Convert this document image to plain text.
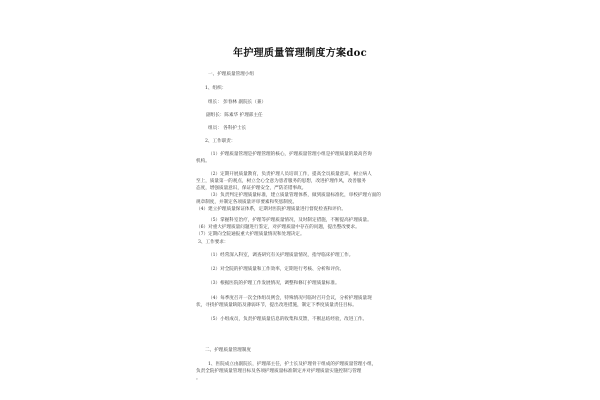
年护理质量管理制度方案doc
一、护理质量管理小组
1、组织：
组长： 彭春林 副院长（兼）
副组长：陈素华 护理部主任
组员： 各科护士长
2、工作职责：
（1）护理质量管理是护理管理的核心，护理质量管理小组是护理质量的最高咨询
机构。
（2）定期开展质量教育，负责护理人员培训工作，提高全员质量意识，树立病人
至上，质量第一的观点，树立全心全意为患者服务的思想，改进护理作风，改善服务
态度，增强质量意识，保证护理安全，严防差错事故。
（3）负责判定护理质量标准，建立质量管理体系，做到质量标准化，审校护理方面的
规章制度，并制定各项质量评审要素和奖惩制度。
（4）建立护理质量保证体系，定期对医院护理质量进行督促检查和评价。
（5）掌握科室治疗，护理等护理质量情况，及时制定措施，不断提高护理质量。
（6）对重大护理质量问题进行鉴定，对护理质量中存在的问题，提出整改要求。
（7）定期向全院通报重大护理质量情况和处理决定。
3、工作要求：
（1）经常深入科室，调查研究有关护理质量情况，指导临床护理工作。
（2）对全院的护理质量和工作效率，定期进行考核、分析和评价。
（3）根据医院的护理工作发展情况，调整和修订护理质量标准。
（4）每季度召开一次全体组员例会，特殊情况可临时召开会议，分析护理质量现
状，寻找护理质量缺陷及薄弱环节，提出改进措施，制定下季度质量责任目标。
（5）小组成员，负责护理质量信息的收集和反馈，不断总结经验，改进工作。
二、护理质量管理制度
1、医院成立由副院长，护理部主任，护士长及护理骨干组成的护理质量管理小组，
负责全院护理质量管理目标及各项护理质量标准制定并对护理质量实施控制与管理
。
